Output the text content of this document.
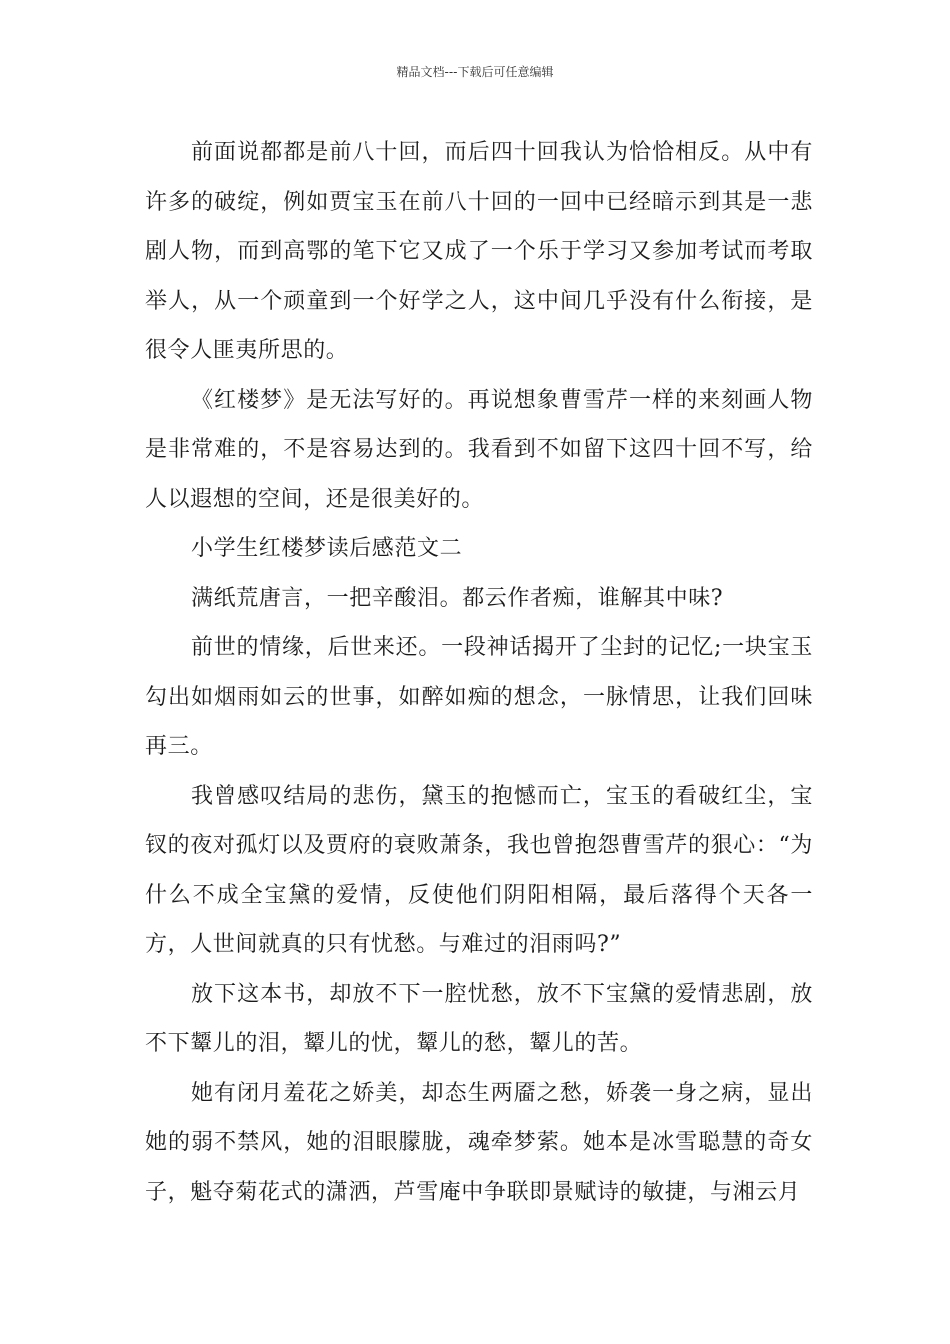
精品文档---下载后可任意编辑

前面说都都是前八十回，而后四十回我认为恰恰相反。从中有许多的破绽，例如贾宝玉在前八十回的一回中已经暗示到其是一悲剧人物，而到高鄂的笔下它又成了一个乐于学习又参加考试而考取举人，从一个顽童到一个好学之人，这中间几乎没有什么衔接，是很令人匪夷所思的。

《红楼梦》是无法写好的。再说想象曹雪芹一样的来刻画人物是非常难的，不是容易达到的。我看到不如留下这四十回不写，给人以遐想的空间，还是很美好的。

小学生红楼梦读后感范文二

满纸荒唐言，一把辛酸泪。都云作者痴，谁解其中味?

前世的情缘，后世来还。一段神话揭开了尘封的记忆;一块宝玉勾出如烟雨如云的世事，如醉如痴的想念，一脉情思，让我们回味再三。

我曾感叹结局的悲伤，黛玉的抱憾而亡，宝玉的看破红尘，宝钗的夜对孤灯以及贾府的衰败萧条，我也曾抱怨曹雪芹的狠心：“为什么不成全宝黛的爱情，反使他们阴阳相隔，最后落得个天各一方，人世间就真的只有忧愁。与难过的泪雨吗?”

放下这本书，却放不下一腔忧愁，放不下宝黛的爱情悲剧，放不下颦儿的泪，颦儿的忧，颦儿的愁，颦儿的苦。

她有闭月羞花之娇美，却态生两靥之愁，娇袭一身之病，显出她的弱不禁风，她的泪眼朦胧，魂牵梦萦。她本是冰雪聪慧的奇女子，魁夺菊花式的潇洒，芦雪庵中争联即景赋诗的敏捷，与湘云月
